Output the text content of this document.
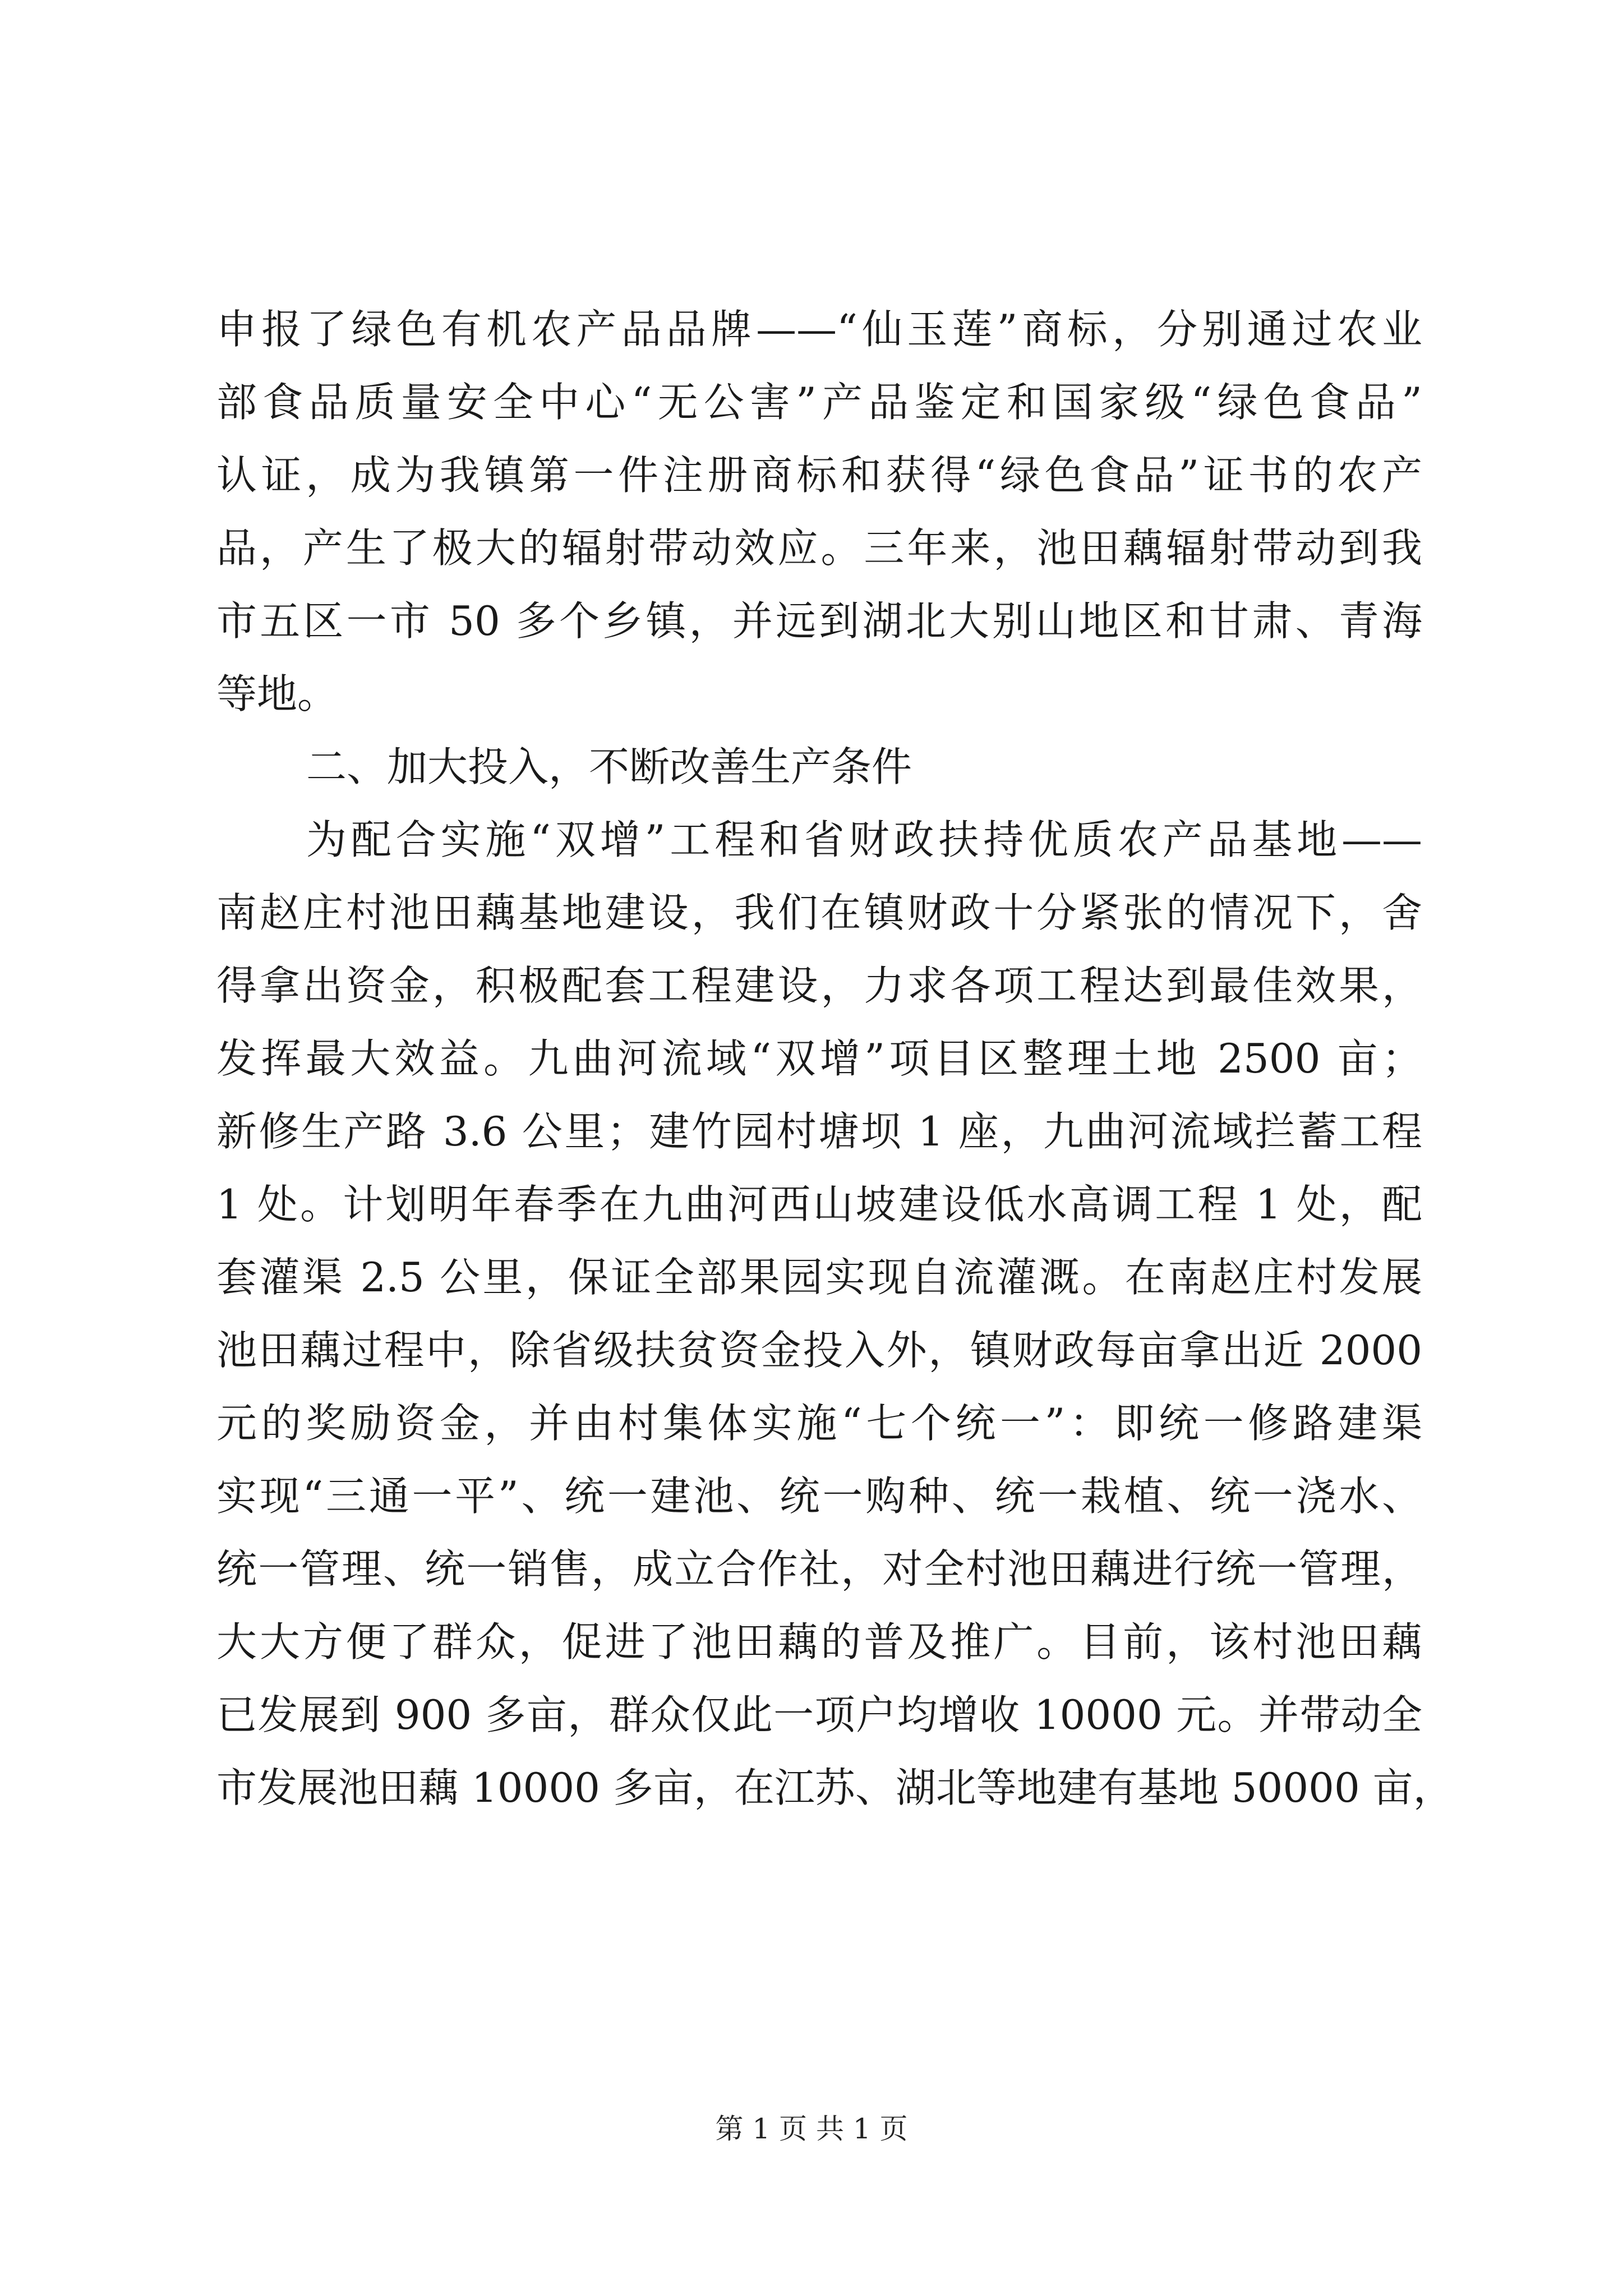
申报了绿色有机农产品品牌——“仙玉莲”商标，分别通过农业
部食品质量安全中心“无公害”产品鉴定和国家级“绿色食品”
认证，成为我镇第一件注册商标和获得“绿色食品”证书的农产
品，产生了极大的辐射带动效应。三年来，池田藕辐射带动到我
市五区一市 50 多个乡镇，并远到湖北大别山地区和甘肃、青海
等地。
二、加大投入，不断改善生产条件
为配合实施“双增”工程和省财政扶持优质农产品基地——
南赵庄村池田藕基地建设，我们在镇财政十分紧张的情况下，舍
得拿出资金，积极配套工程建设，力求各项工程达到最佳效果，
发挥最大效益。九曲河流域“双增”项目区整理土地 2500 亩；
新修生产路 3.6 公里；建竹园村塘坝 1 座，九曲河流域拦蓄工程
1 处。计划明年春季在九曲河西山坡建设低水高调工程 1 处，配
套灌渠 2.5 公里，保证全部果园实现自流灌溉。在南赵庄村发展
池田藕过程中，除省级扶贫资金投入外，镇财政每亩拿出近 2000
元的奖励资金，并由村集体实施“七个统一”：即统一修路建渠
实现“三通一平”、统一建池、统一购种、统一栽植、统一浇水、
统一管理、统一销售，成立合作社，对全村池田藕进行统一管理，
大大方便了群众，促进了池田藕的普及推广。目前，该村池田藕
已发展到 900 多亩，群众仅此一项户均增收 10000 元。并带动全
市发展池田藕 10000 多亩，在江苏、湖北等地建有基地 50000 亩，
第 1 页 共 1 页
